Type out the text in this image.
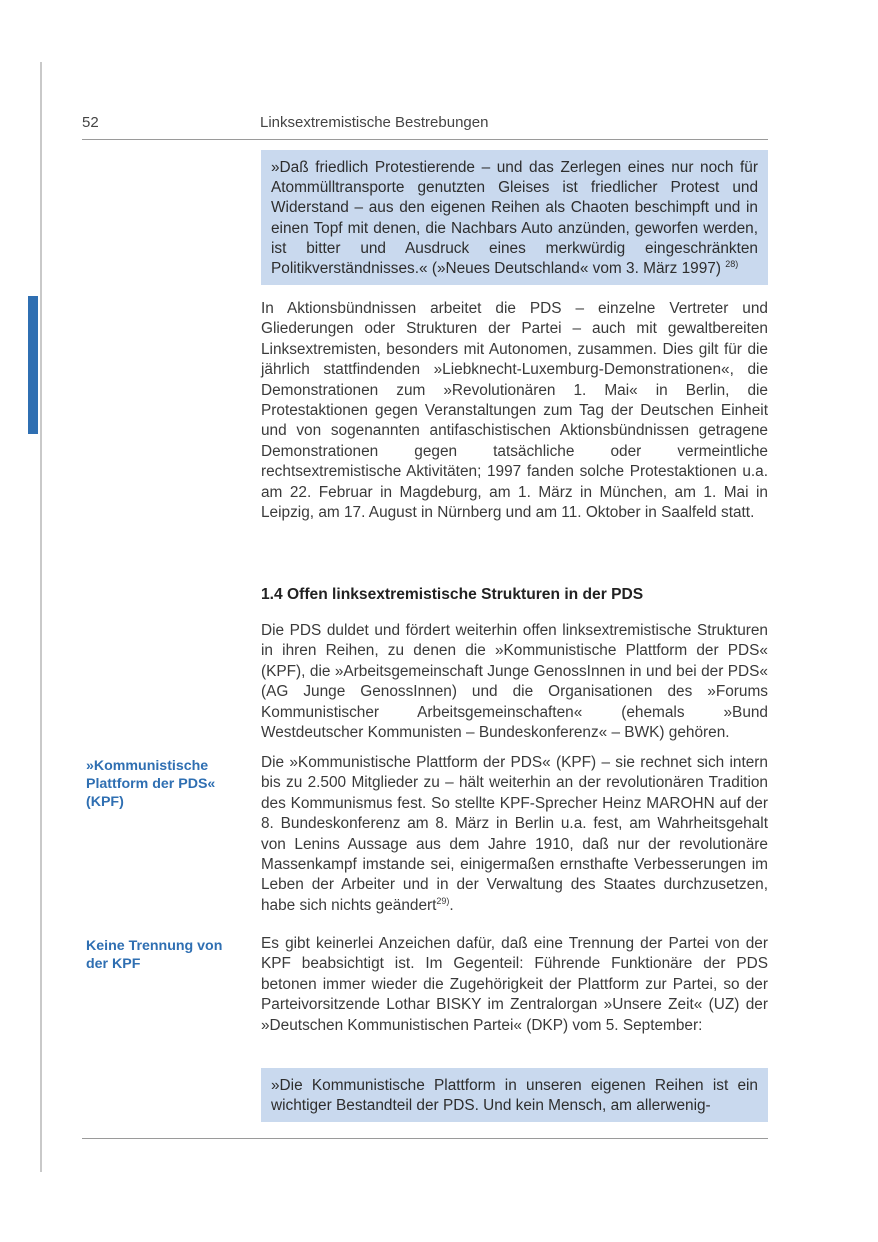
52	Linksextremistische Bestrebungen
»Daß friedlich Protestierende – und das Zerlegen eines nur noch für Atommülltransporte genutzten Gleises ist friedlicher Protest und Widerstand – aus den eigenen Reihen als Chaoten beschimpft und in einen Topf mit denen, die Nachbars Auto anzünden, geworfen werden, ist bitter und Ausdruck eines merkwürdig eingeschränkten Politikverständnisses.« (»Neues Deutschland« vom 3. März 1997) $^{28)}$

In Aktionsbündnissen arbeitet die PDS – einzelne Vertreter und Gliederungen oder Strukturen der Partei – auch mit gewaltbereiten Linksextremisten, besonders mit Autonomen, zusammen. Dies gilt für die jährlich stattfindenden »Liebknecht-Luxemburg-Demonstrationen«, die Demonstrationen zum »Revolutionären 1. Mai« in Berlin, die Protestaktionen gegen Veranstaltungen zum Tag der Deutschen Einheit und von sogenannten antifaschistischen Aktionsbündnissen getragene Demonstrationen gegen tatsächliche oder vermeintliche rechtsextremistische Aktivitäten; 1997 fanden solche Protestaktionen u.a. am 22. Februar in Magdeburg, am 1. März in München, am 1. Mai in Leipzig, am 17. August in Nürnberg und am 11. Oktober in Saalfeld statt.

1.4 Offen linksextremistische Strukturen in der PDS

Die PDS duldet und fördert weiterhin offen linksextremistische Strukturen in ihren Reihen, zu denen die »Kommunistische Plattform der PDS« (KPF), die »Arbeitsgemeinschaft Junge GenossInnen in und bei der PDS« (AG Junge GenossInnen) und die Organisationen des »Forums Kommunistischer Arbeitsgemeinschaften« (ehemals »Bund Westdeutscher Kommunisten – Bundeskonferenz« – BWK) gehören.

»Kommunistische Plattform der PDS« (KPF)

Die »Kommunistische Plattform der PDS« (KPF) – sie rechnet sich intern bis zu 2.500 Mitglieder zu – hält weiterhin an der revolutionären Tradition des Kommunismus fest. So stellte KPF-Sprecher Heinz MAROHN auf der 8. Bundeskonferenz am 8. März in Berlin u.a. fest, am Wahrheitsgehalt von Lenins Aussage aus dem Jahre 1910, daß nur der revolutionäre Massenkampf imstande sei, einigermaßen ernsthafte Verbesserungen im Leben der Arbeiter und in der Verwaltung des Staates durchzusetzen, habe sich nichts geändert$^{29)}$.

Keine Trennung von der KPF

Es gibt keinerlei Anzeichen dafür, daß eine Trennung der Partei von der KPF beabsichtigt ist. Im Gegenteil: Führende Funktionäre der PDS betonen immer wieder die Zugehörigkeit der Plattform zur Partei, so der Parteivorsitzende Lothar BISKY im Zentralorgan »Unsere Zeit« (UZ) der »Deutschen Kommunistischen Partei« (DKP) vom 5. September:

»Die Kommunistische Plattform in unseren eigenen Reihen ist ein wichtiger Bestandteil der PDS. Und kein Mensch, am allerwenig-
